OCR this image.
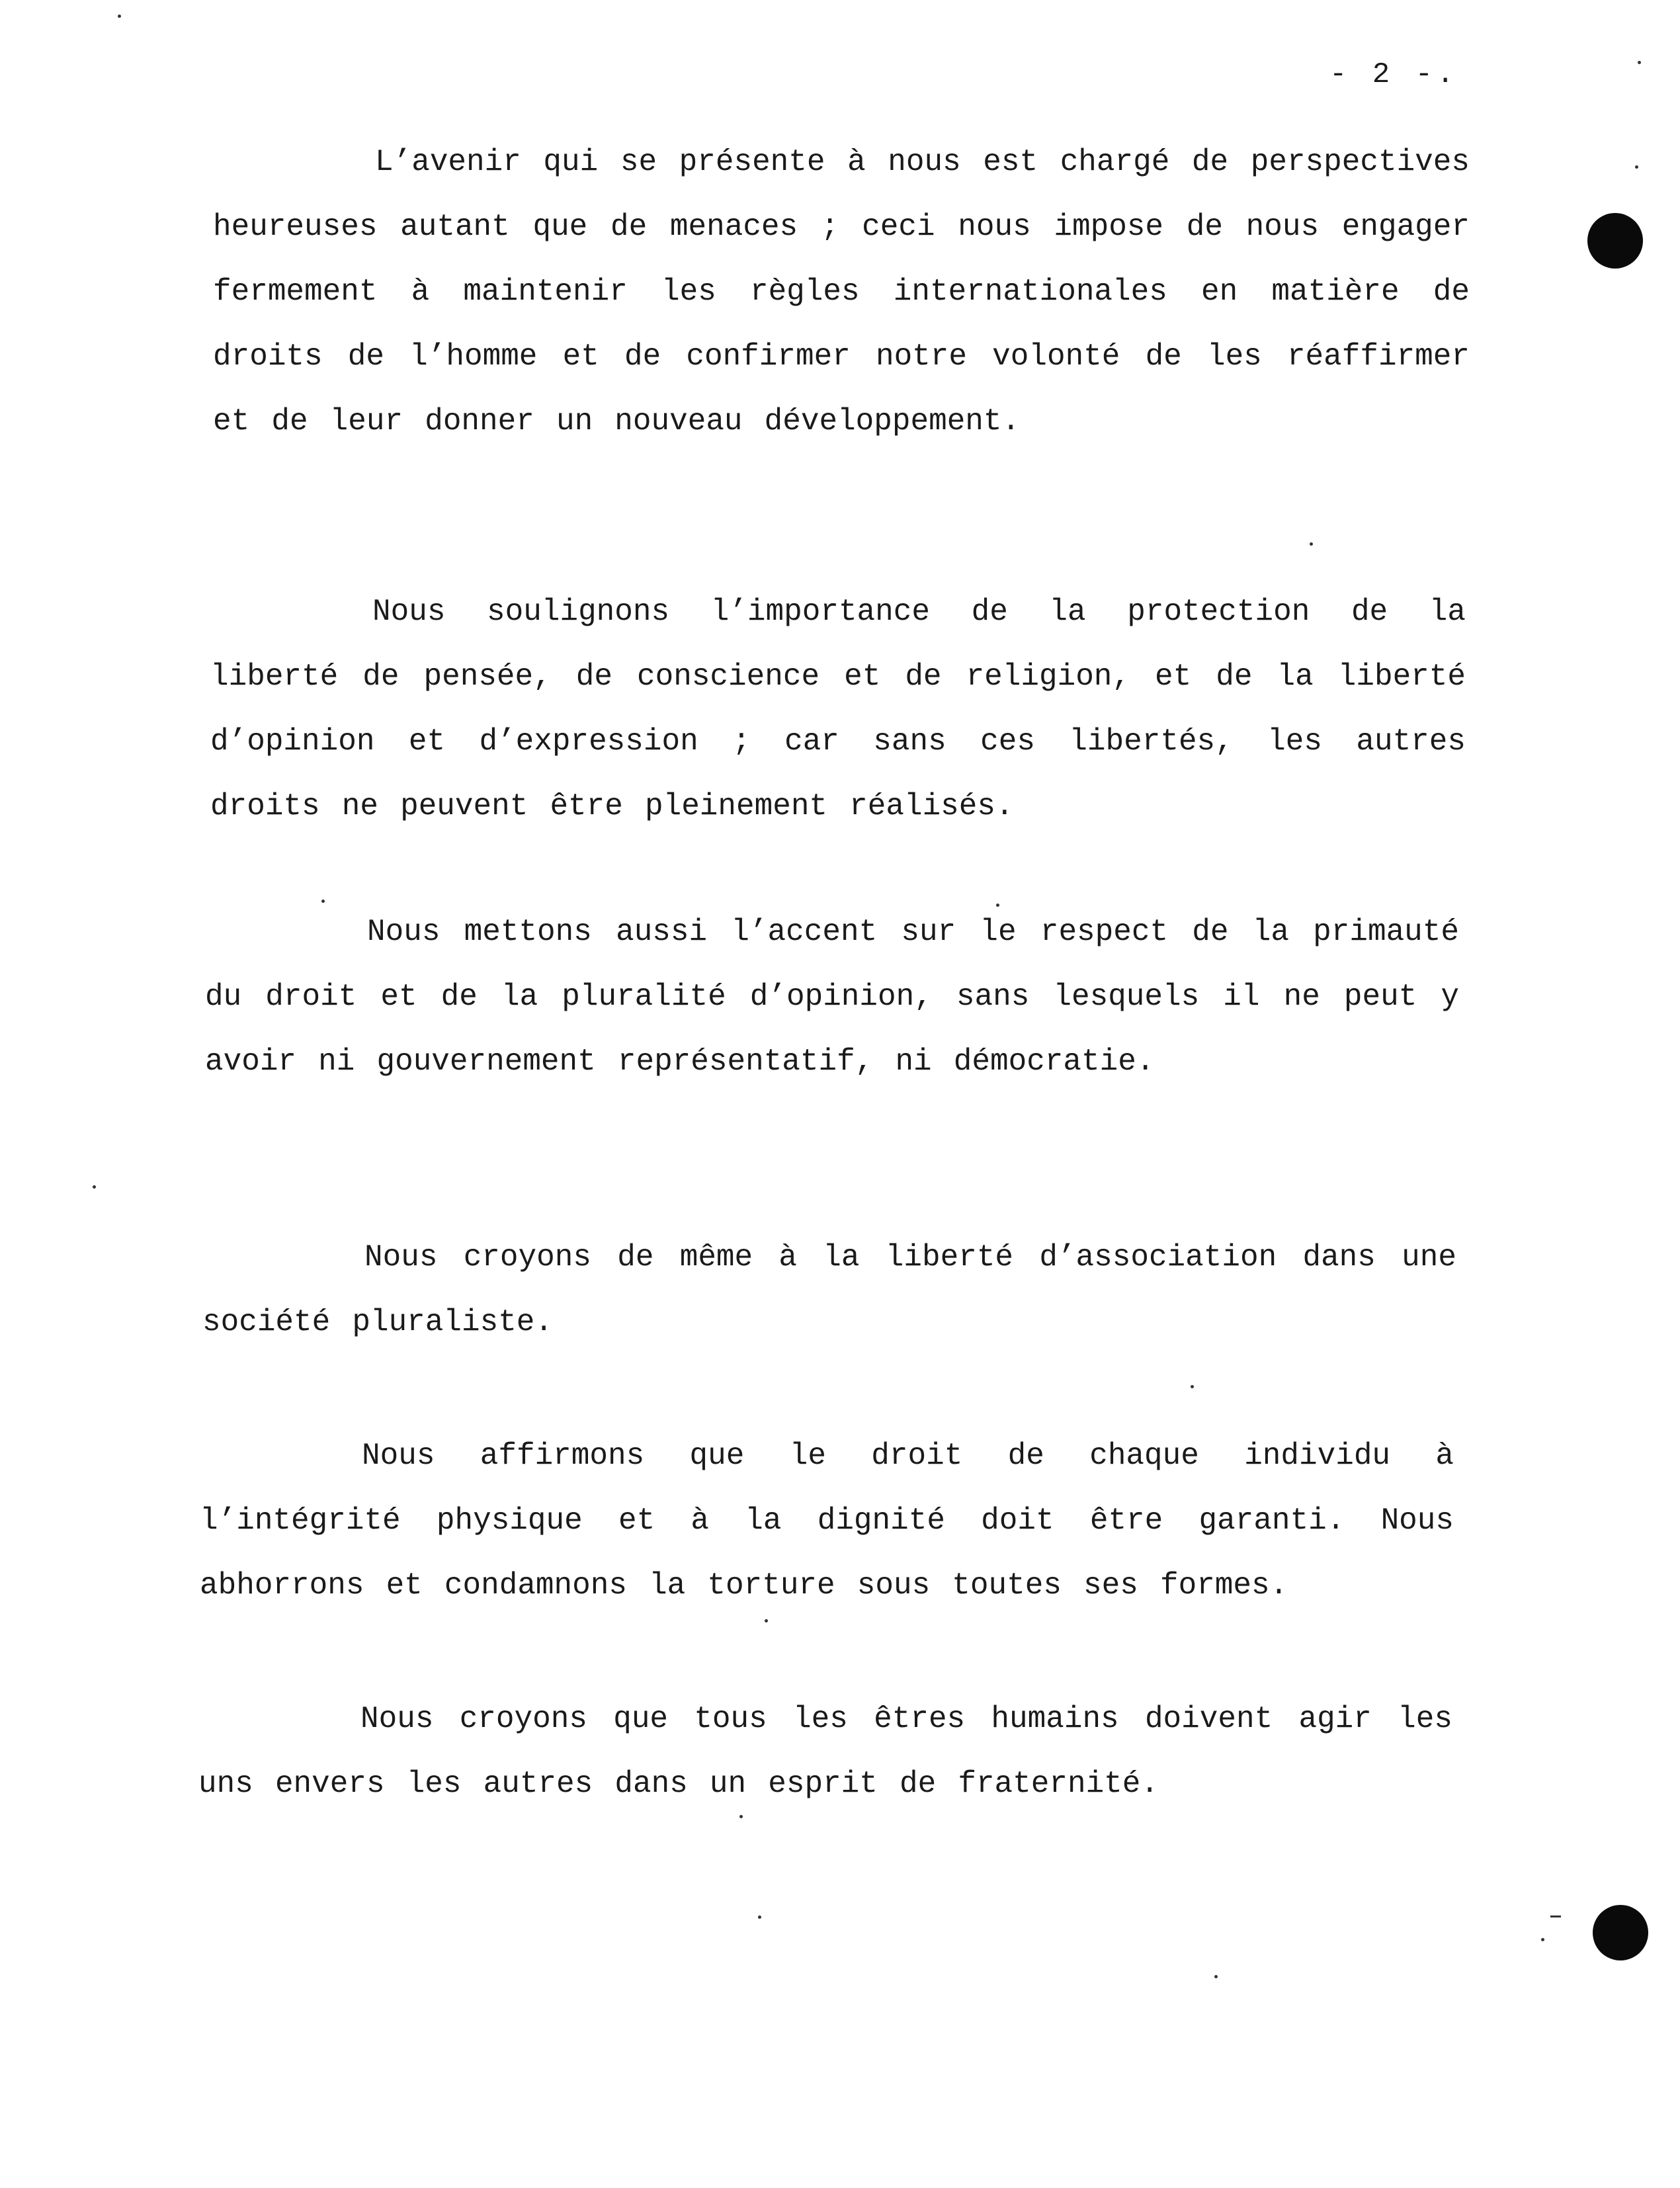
- 2 -.

L’avenir qui se présente à nous est chargé de perspectives heureuses autant que de menaces ; ceci nous impose de nous engager fermement à maintenir les règles internationales en matière de droits de l’homme et de confirmer notre volonté de les réaffirmer et de leur donner un nouveau développement.

Nous soulignons l’importance de la protection de la liberté de pensée, de conscience et de religion, et de la liberté d’opinion et d’expression ; car sans ces libertés, les autres droits ne peuvent être pleinement réalisés.

Nous mettons aussi l’accent sur le respect de la primauté du droit et de la pluralité d’opinion, sans lesquels il ne peut y avoir ni gouvernement représentatif, ni démocratie.

Nous croyons de même à la liberté d’association dans une société pluraliste.

Nous affirmons que le droit de chaque individu à l’intégrité physique et à la dignité doit être garanti. Nous abhorrons et condamnons la torture sous toutes ses formes.

Nous croyons que tous les êtres humains doivent agir les uns envers les autres dans un esprit de fraternité.
